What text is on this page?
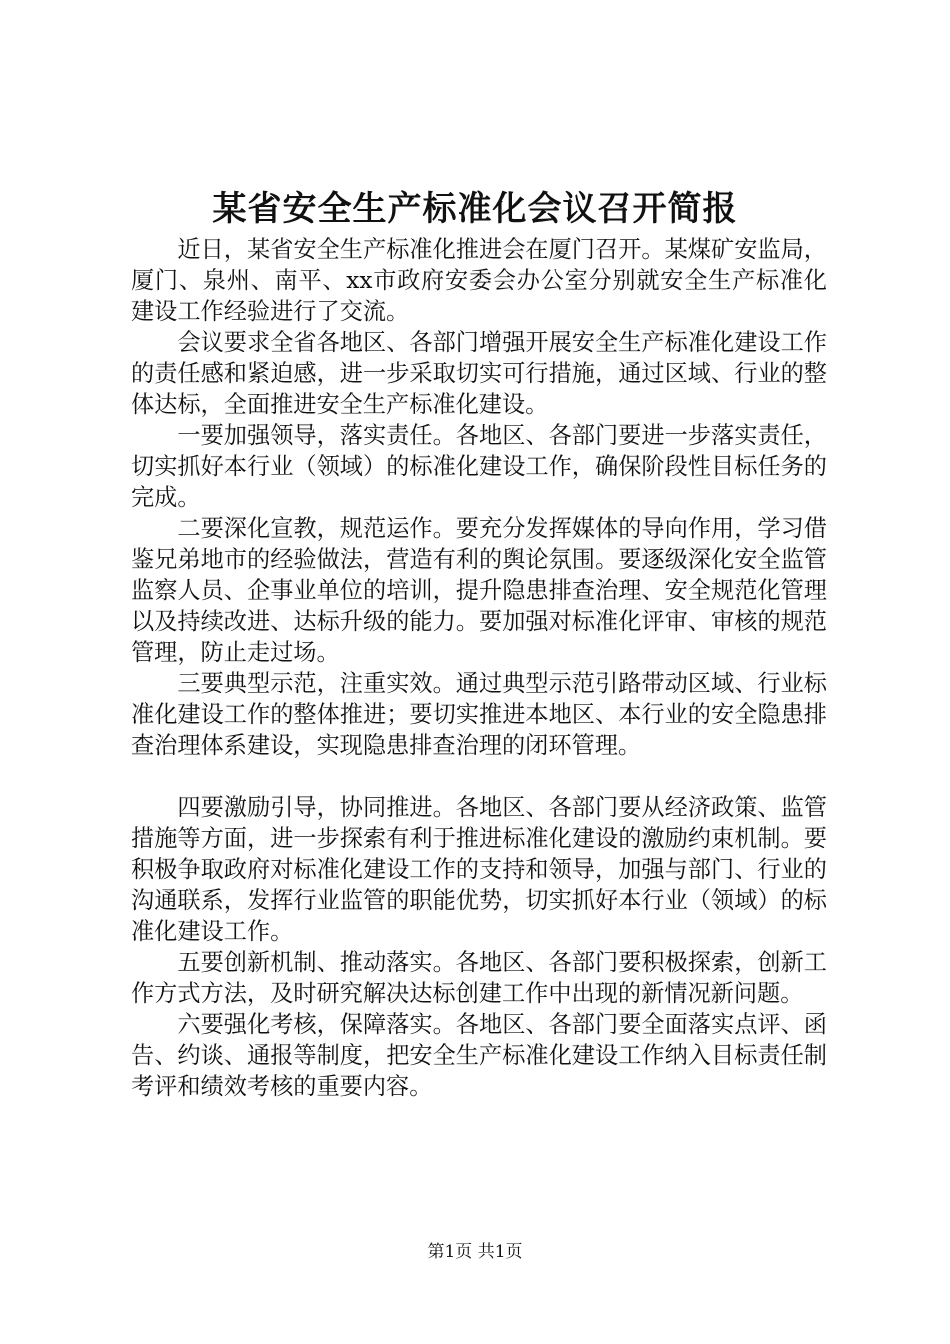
某省安全生产标准化会议召开简报

近日，某省安全生产标准化推进会在厦门召开。某煤矿安监局，厦门、泉州、南平、xx市政府安委会办公室分别就安全生产标准化建设工作经验进行了交流。

会议要求全省各地区、各部门增强开展安全生产标准化建设工作的责任感和紧迫感，进一步采取切实可行措施，通过区域、行业的整体达标，全面推进安全生产标准化建设。

一要加强领导，落实责任。各地区、各部门要进一步落实责任，切实抓好本行业（领域）的标准化建设工作，确保阶段性目标任务的完成。

二要深化宣教，规范运作。要充分发挥媒体的导向作用，学习借鉴兄弟地市的经验做法，营造有利的舆论氛围。要逐级深化安全监管监察人员、企事业单位的培训，提升隐患排查治理、安全规范化管理以及持续改进、达标升级的能力。要加强对标准化评审、审核的规范管理，防止走过场。

三要典型示范，注重实效。通过典型示范引路带动区域、行业标准化建设工作的整体推进；要切实推进本地区、本行业的安全隐患排查治理体系建设，实现隐患排查治理的闭环管理。

四要激励引导，协同推进。各地区、各部门要从经济政策、监管措施等方面，进一步探索有利于推进标准化建设的激励约束机制。要积极争取政府对标准化建设工作的支持和领导，加强与部门、行业的沟通联系，发挥行业监管的职能优势，切实抓好本行业（领域）的标准化建设工作。

五要创新机制、推动落实。各地区、各部门要积极探索，创新工作方式方法，及时研究解决达标创建工作中出现的新情况新问题。

六要强化考核，保障落实。各地区、各部门要全面落实点评、函告、约谈、通报等制度，把安全生产标准化建设工作纳入目标责任制考评和绩效考核的重要内容。

第1页 共1页
